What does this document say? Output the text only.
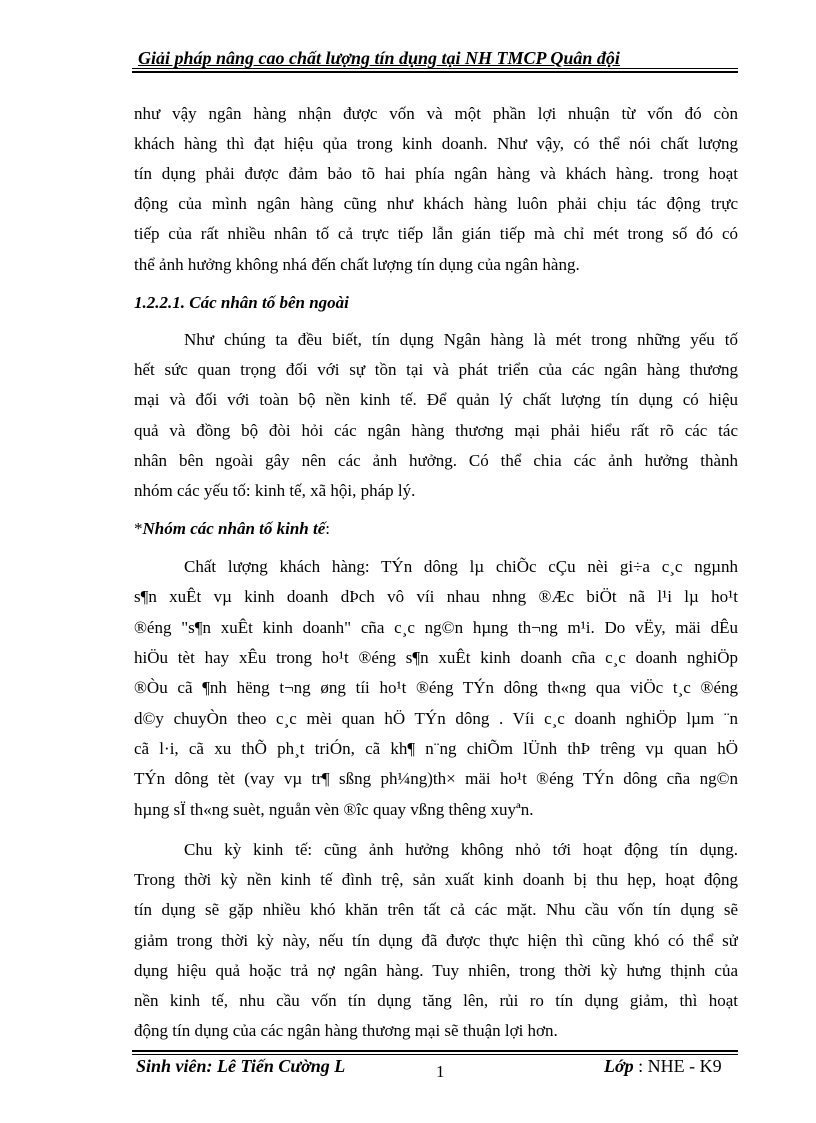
Giải pháp nâng cao chất lượng tín dụng tại NH TMCP Quân đội
như vậy ngân hàng nhận được vốn và một phần lợi nhuận từ vốn đó còn
khách hàng thì đạt hiệu qủa trong kinh doanh. Như vậy, có thể nói chất lượng
tín dụng phải được đảm bảo tõ hai phía ngân hàng và khách hàng. trong hoạt
động của mình ngân hàng cũng như khách hàng luôn phải chịu tác động trực
tiếp của rất nhiều nhân tố cả trực tiếp lẫn gián tiếp mà chỉ mét trong số đó có
thể ảnh hưởng không nhá đến chất lượng tín dụng của ngân hàng.
1.2.2.1. Các nhân tố bên ngoài
Như chúng ta đều biết, tín dụng Ngân hàng là mét trong những yếu tố
hết sức quan trọng đối với sự tồn tại và phát triển của các ngân hàng thương
mại và đối với toàn bộ nền kinh tế. Để quản lý chất lượng tín dụng có hiệu
quả và đồng bộ đòi hỏi các ngân hàng thương mại phải hiểu rất rõ các tác
nhân bên ngoài gây nên các ảnh hưởng. Có thể chia các ảnh hưởng thành
nhóm các yếu tố: kinh tế, xã hội, pháp lý.
*Nhóm các nhân tố kinh tế:
Chất lượng khách hàng: TÝn dông lµ chiÕc cÇu nèi gi÷a c¸c ngµnh
s¶n xuÊt vµ kinh doanh dÞch vô víi nhau nhng ®Æc biÖt nã l¹i lµ ho¹t
®éng "s¶n xuÊt kinh doanh" cña c¸c ng©n hµng th¬ng m¹i. Do vËy, mäi dÊu
hiÖu tèt hay xÊu trong ho¹t ®éng s¶n xuÊt kinh doanh cña c¸c doanh nghiÖp
®Òu cã ¶nh hëng t¬ng øng tíi ho¹t ®éng TÝn dông th«ng qua viÖc t¸c ®éng
d©y chuyÒn theo c¸c mèi quan hÖ TÝn dông . Víi c¸c doanh nghiÖp lµm ¨n
cã l·i, cã xu thÕ ph¸t triÓn, cã kh¶ n¨ng chiÕm lÜnh thÞ trêng vµ quan hÖ
TÝn dông tèt (vay vµ tr¶ sßng ph¼ng)th× mäi ho¹t ®éng TÝn dông cña ng©n
hµng sÏ th«ng suèt, nguån vèn ®îc quay vßng thêng xuyªn.
Chu kỳ kinh tế: cũng ảnh hưởng không nhỏ tới hoạt động tín dụng.
Trong thời kỳ nền kinh tế đình trệ, sản xuất kinh doanh bị thu hẹp, hoạt động
tín dụng sẽ gặp nhiều khó khăn trên tất cả các mặt. Nhu cầu vốn tín dụng sẽ
giảm trong thời kỳ này, nếu tín dụng đã được thực hiện thì cũng khó có thể sử
dụng hiệu quả hoặc trả nợ ngân hàng. Tuy nhiên, trong thời kỳ hưng thịnh của
nền kinh tế, nhu cầu vốn tín dụng tăng lên, rủi ro tín dụng giảm, thì hoạt
động tín dụng của các ngân hàng thương mại sẽ thuận lợi hơn.
Sinh viên: Lê Tiến Cường L	1	Lớp : NHE - K9
